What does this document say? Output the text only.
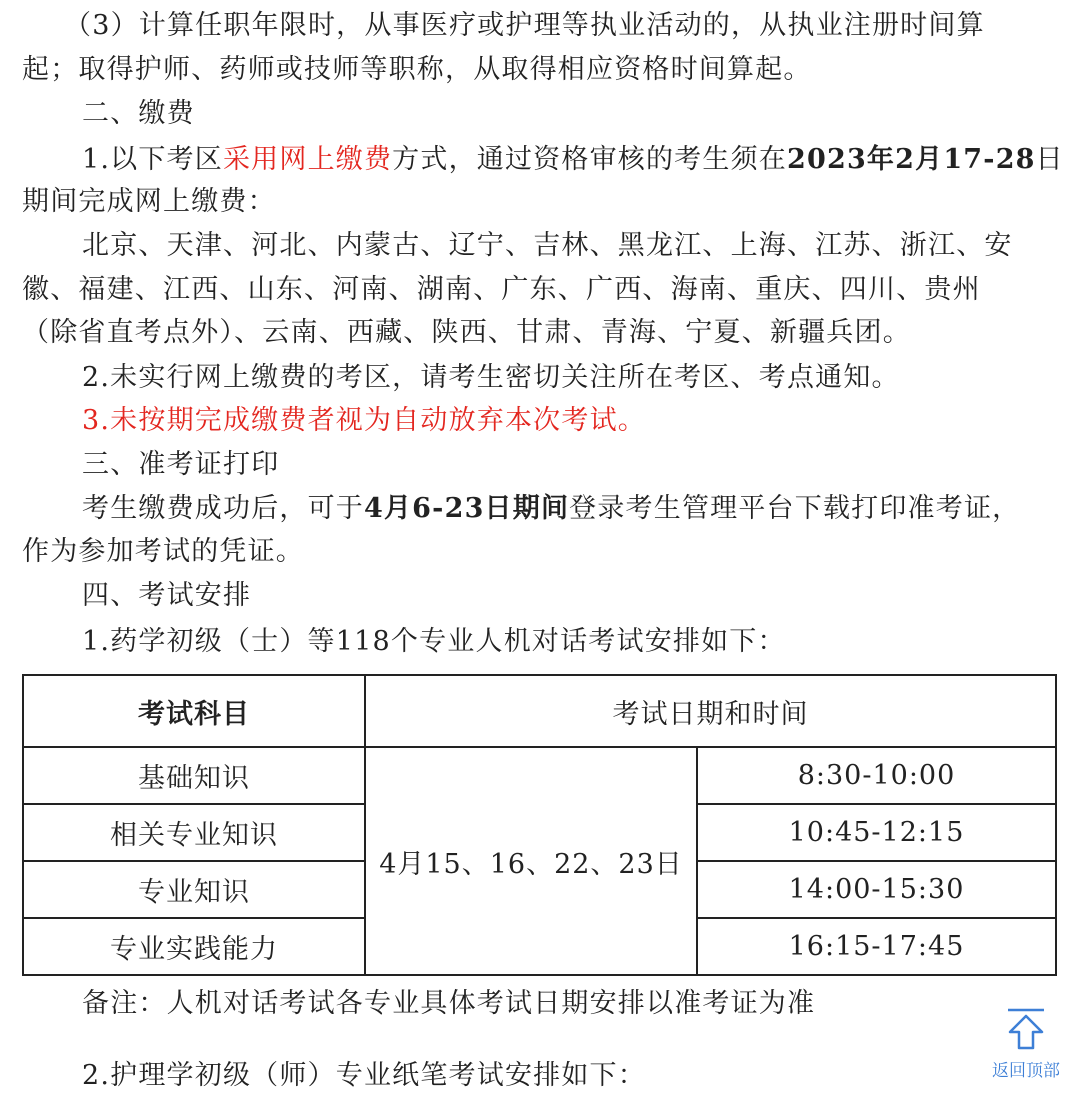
（3）计算任职年限时，从事医疗或护理等执业活动的，从执业注册时间算
起；取得护师、药师或技师等职称，从取得相应资格时间算起。
二、缴费
1.以下考区采用网上缴费方式，通过资格审核的考生须在2023年2月17-28日
期间完成网上缴费：
北京、天津、河北、内蒙古、辽宁、吉林、黑龙江、上海、江苏、浙江、安
徽、福建、江西、山东、河南、湖南、广东、广西、海南、重庆、四川、贵州
（除省直考点外）、云南、西藏、陕西、甘肃、青海、宁夏、新疆兵团。
2.未实行网上缴费的考区，请考生密切关注所在考区、考点通知。
3.未按期完成缴费者视为自动放弃本次考试。
三、准考证打印
考生缴费成功后，可于4月6-23日期间登录考生管理平台下载打印准考证，
作为参加考试的凭证。
四、考试安排
1.药学初级（士）等118个专业人机对话考试安排如下：
考试科目	考试日期和时间	
基础知识	4月15、16、22、23日	8:30-10:00
相关专业知识		10:45-12:15
专业知识		14:00-15:30
专业实践能力		16:15-17:45
备注：人机对话考试各专业具体考试日期安排以准考证为准
2.护理学初级（师）专业纸笔考试安排如下：	返回顶部
